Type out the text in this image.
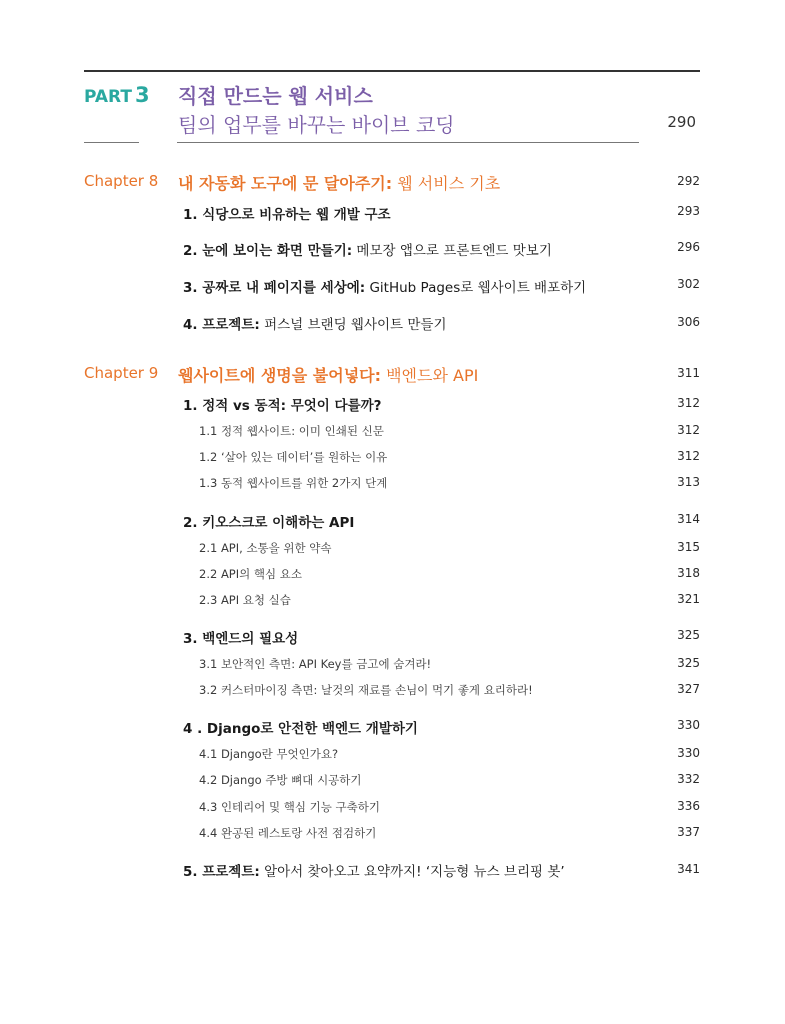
PART 3 직접 만드는 웹 서비스
팀의 업무를 바꾸는 바이브 코딩	290
Chapter 8 내 자동화 도구에 문 달아주기: 웹 서비스 기초	292
1. 식당으로 비유하는 웹 개발 구조	293
2. 눈에 보이는 화면 만들기: 메모장 앱으로 프론트엔드 맛보기	296
3. 공짜로 내 페이지를 세상에: GitHub Pages로 웹사이트 배포하기	302
4. 프로젝트: 퍼스널 브랜딩 웹사이트 만들기	306
Chapter 9 웹사이트에 생명을 불어넣다: 백엔드와 API	311
1. 정적 vs 동적: 무엇이 다를까?	312
1.1 정적 웹사이트: 이미 인쇄된 신문	312
1.2 ‘살아 있는 데이터’를 원하는 이유	312
1.3 동적 웹사이트를 위한 2가지 단계	313
2. 키오스크로 이해하는 API	314
2.1 API, 소통을 위한 약속	315
2.2 API의 핵심 요소	318
2.3 API 요청 실습	321
3. 백엔드의 필요성	325
3.1 보안적인 측면: API Key를 금고에 숨겨라!	325
3.2 커스터마이징 측면: 날것의 재료를 손님이 먹기 좋게 요리하라!	327
4 . Django로 안전한 백엔드 개발하기	330
4.1 Django란 무엇인가요?	330
4.2 Django 주방 뼈대 시공하기	332
4.3 인테리어 및 핵심 기능 구축하기	336
4.4 완공된 레스토랑 사전 점검하기	337
5. 프로젝트: 알아서 찾아오고 요약까지! ‘지능형 뉴스 브리핑 봇’	341
